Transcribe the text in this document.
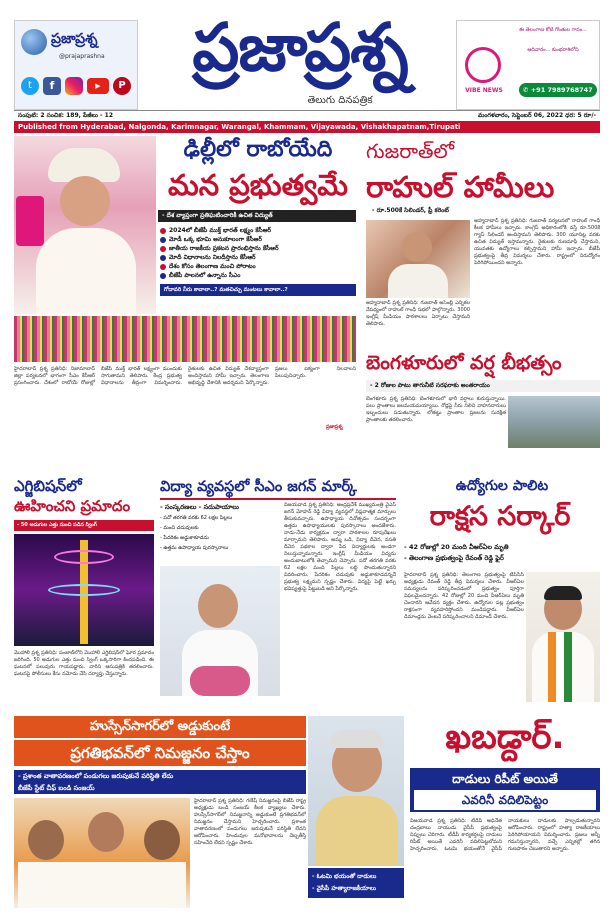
ప్రజాప్రశ్న
@prajaprashna
t	f	▶	P	ప్రజాప్రశ్న
తెలుగు దినపత్రిక
ఈ తెలంగాణ కోటి గొంతుల గానం...
ఆదివారం... కుంభరాశిలోని
VIBE NEWS	✆ +91 7989768747
సంపుటి: 2 సంచిక: 189, పేజీలు - 12	మంగళవారం, సెప్టెంబర్ 06, 2022 ధర: 5 రూ/-
Published from Hyderabad, Nalgonda, Karimnagar, Warangal, Khammam, Vijayawada, Vishakhapatnam,Tirupati
ఢిల్లీలో రాబోయేది
మన ప్రభుత్వమే
- దేశ వ్యాప్తంగా ప్రతిఘటించారికీ ఉచిత విద్యుత్
2024లో బీజేపీ ముక్త్ భారత్ లక్ష్యం కేసీఆర్
మోడీ ఒక్క భూమి అనుకూలంగా కేసీఆర్
జాతీయ రాజకీయ ప్రకటన ప్రారంభిస్తాను కేసీఆర్
మోదీ విధానాలను నిలదీస్తాను కేసీఆర్
దేశం కోసం తెలంగాణ మంచి పోరాటం
బీజేపీ పాలనలో ఉన్నాను సీఎం
గోదావరి నీరు కావాలా..? మతచిచ్చు మంటలు కావాలా..?
హైదరాబాద్ ప్రశ్న ప్రతినిధి: నిజామాబాద్ జిల్లా పర్యటనలో భాగంగా సీఎం కేసీఆర్ ప్రసంగించారు. దేశంలో రాబోయే రోజుల్లో బీజేపీ ముక్త్ భారత్ లక్ష్యంగా ముందుకు సాగుతామని తెలిపారు. కేంద్ర ప్రభుత్వ విధానాలను తీవ్రంగా విమర్శించారు. రైతులకు ఉచిత విద్యుత్ దేశవ్యాప్తంగా అందిస్తామని హామీ ఇచ్చారు. తెలంగాణ అభివృద్ధి దేశానికి ఆదర్శమని పేర్కొన్నారు. ప్రజలు ఐక్యంగా నిలవాలని పిలుపునిచ్చారు.
ప్రజాప్రశ్న
గుజరాత్‌లో
రాహుల్ హామీలు
- రూ.500కే సిలిండర్, ఫ్రీ కరెంట్
అహ్మదాబాద్ ప్రశ్న ప్రతినిధి: గుజరాత్ పర్యటనలో రాహుల్ గాంధీ కీలక హామీలు ఇచ్చారు. కాంగ్రెస్ అధికారంలోకి వస్తే రూ.500కే గ్యాస్ సిలిండర్ అందిస్తామని తెలిపారు. 300 యూనిట్ల వరకు ఉచిత విద్యుత్ ఇస్తామన్నారు. రైతులకు రుణమాఫీ చేస్తామని, యువతకు ఉద్యోగాలు కల్పిస్తామని హామీ ఇచ్చారు. బీజేపీ ప్రభుత్వంపై తీవ్ర విమర్శలు చేశారు. రాష్ట్రంలో నిరుద్యోగం పెరిగిపోయిందని అన్నారు.
అహ్మదాబాద్ ప్రశ్న ప్రతినిధి: గుజరాత్ అసెంబ్లీ ఎన్నికల నేపథ్యంలో రాహుల్ గాంధీ సభలో పాల్గొన్నారు. 3000 ఇంగ్లీష్ మీడియం పాఠశాలలు ఏర్పాటు చేస్తామని తెలిపారు.
బెంగళూరులో వర్ష బీభత్సం
- 2 రోజుల పాటు తాగునీటి సరఫరాకు అంతరాయం
బెంగళూరు ప్రశ్న ప్రతినిధి: బెంగళూరులో భారీ వర్షాలు కురుస్తున్నాయి. పలు ప్రాంతాలు జలమయమయ్యాయి. రోడ్లపై నీరు నిలిచి వాహనదారులు ఇబ్బందులు పడుతున్నారు. లోతట్టు ప్రాంతాల ప్రజలను సురక్షిత ప్రాంతాలకు తరలించారు.
ఎగ్జిబిషన్‌లో
ఊహించని ప్రమాదం
- 50 అడుగుల ఎత్తు నుంచి పడిన స్వింగ్
మొహాలీ ప్రశ్న ప్రతినిధి: పంజాబ్‌లోని మొహాలీ ఎగ్జిబిషన్‌లో ఘోర ప్రమాదం జరిగింది. 50 అడుగుల ఎత్తు నుంచి స్వింగ్ ఒక్కసారిగా కిందపడింది. ఈ ఘటనలో పలువురు గాయపడ్డారు. వారిని ఆసుపత్రికి తరలించారు. ఘటనపై పోలీసులు కేసు నమోదు చేసి దర్యాప్తు చేస్తున్నారు.
విద్యా వ్యవస్థలో సీఎం జగన్ మార్క్
- సంస్కరణలు - సదుపాయాలు
- పదో తరగతి వరకు 62 లక్షల పిల్లలు
- మంచి చదువులకు
- పేదరికం అడ్డుకాకూడదు
- ఉత్తమ ఉపాధ్యాయ పురస్కారాలు
విజయవాడ ప్రశ్న ప్రతినిధి: ఆంధ్రప్రదేశ్ ముఖ్యమంత్రి వైఎస్ జగన్ మోహన్ రెడ్డి విద్యా వ్యవస్థలో విప్లవాత్మక మార్పులు తీసుకువచ్చారు. ఉపాధ్యాయ దినోత్సవం సందర్భంగా ఉత్తమ ఉపాధ్యాయులకు పురస్కారాలు అందజేశారు. నాడు-నేడు కార్యక్రమం ద్వారా పాఠశాలల రూపురేఖలు మార్చామని తెలిపారు. అమ్మ ఒడి, విద్యా దీవెన, వసతి దీవెన పథకాల ద్వారా పేద విద్యార్థులకు అండగా నిలుస్తున్నామన్నారు. ఇంగ్లీష్ మీడియం విద్యను అందుబాటులోకి తెచ్చామని చెప్పారు. పదో తరగతి వరకు 62 లక్షల మంది పిల్లలు లబ్ధి పొందుతున్నారని వివరించారు. పేదరికం చదువుకు అడ్డుకాకూడదన్నదే ప్రభుత్వ లక్ష్యమని స్పష్టం చేశారు. విద్యపై పెట్టే ఖర్చు భవిష్యత్తుపై పెట్టుబడి అని పేర్కొన్నారు.
ఉద్యోగుల పాలిట
రాక్షస సర్కార్
- 42 రోజుల్లో 20 మంది వీఆర్ఏల మృతి
- తెలంగాణ ప్రభుత్వంపై రేవంత్ రెడ్డి ఫైర్
హైదరాబాద్ ప్రశ్న ప్రతినిధి: తెలంగాణ ప్రభుత్వంపై టీపీసీసీ అధ్యక్షుడు రేవంత్ రెడ్డి తీవ్ర విమర్శలు చేశారు. వీఆర్ఏల సమస్యలను పరిష్కరించడంలో ప్రభుత్వం పూర్తిగా విఫలమైందన్నారు. 42 రోజుల్లో 20 మంది వీఆర్ఏలు మృతి చెందారని ఆవేదన వ్యక్తం చేశారు. ఉద్యోగుల పట్ల ప్రభుత్వం రాక్షసంగా వ్యవహరిస్తోందని మండిపడ్డారు. వీఆర్ఏల డిమాండ్లను వెంటనే పరిష్కరించాలని డిమాండ్ చేశారు.
హుస్సేన్‌సాగర్‌లో అడ్డుకుంటే
ప్రగతిభవన్‌లో నిమజ్జనం చేస్తాం
- ప్రశాంత వాతావరణంలో పండుగలు జరుపుకునే పరిస్థితి లేదు
బీజేపీ స్టేట్ చీఫ్ బండి సంజయ్
హైదరాబాద్ ప్రశ్న ప్రతినిధి: గణేష్ నిమజ్జనంపై బీజేపీ రాష్ట్ర అధ్యక్షుడు బండి సంజయ్ కీలక వ్యాఖ్యలు చేశారు. హుస్సేన్‌సాగర్‌లో నిమజ్జనాన్ని అడ్డుకుంటే ప్రగతిభవన్‌లో నిమజ్జనం చేస్తామని హెచ్చరించారు. ప్రశాంత వాతావరణంలో పండుగలు జరుపుకునే పరిస్థితి లేదని ఆరోపించారు. హిందువుల మనోభావాలను దెబ్బతీస్తే సహించేది లేదని స్పష్టం చేశారు.
- ఓటమి భయంతో దాడులు
- వైసీపీ హత్యారాజకీయాలు
ఖబడ్దార్.
దాడులు రిపీట్ అయితే
ఎవరినీ వదిలిపెట్టం
విజయవాడ ప్రశ్న ప్రతినిధి: టీడీపీ అధినేత చంద్రబాబు నాయుడు వైసీపీ ప్రభుత్వంపై నిప్పులు చెరిగారు. టీడీపీ కార్యకర్తలపై దాడులు రిపీట్ అయితే ఎవరినీ వదిలిపెట్టబోమని హెచ్చరించారు. ఓటమి భయంతోనే వైసీపీ నాయకులు దాడులకు పాల్పడుతున్నారని ఆరోపించారు. రాష్ట్రంలో హత్యా రాజకీయాలు పెరిగిపోయాయని విమర్శించారు. ప్రజలు అన్నీ గమనిస్తున్నారని, వచ్చే ఎన్నికల్లో తగిన గుణపాఠం చెబుతారని అన్నారు.
